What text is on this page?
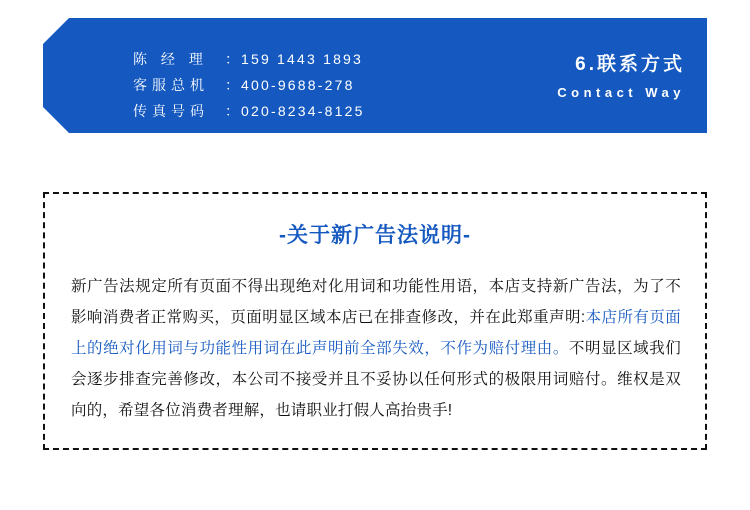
陈 经 理	： 159 1443 1893
客服总机	： 400-9688-278
传真号码	： 020-8234-8125
6.联系方式
Contact Way
-关于新广告法说明-
新广告法规定所有页面不得出现绝对化用词和功能性用语，本店支持新广告法，为了不影响消费者正常购买，页面明显区域本店已在排查修改，并在此郑重声明:本店所有页面上的绝对化用词与功能性用词在此声明前全部失效，不作为赔付理由。不明显区域我们会逐步排查完善修改，本公司不接受并且不妥协以任何形式的极限用词赔付。维权是双向的，希望各位消费者理解，也请职业打假人高抬贵手!
